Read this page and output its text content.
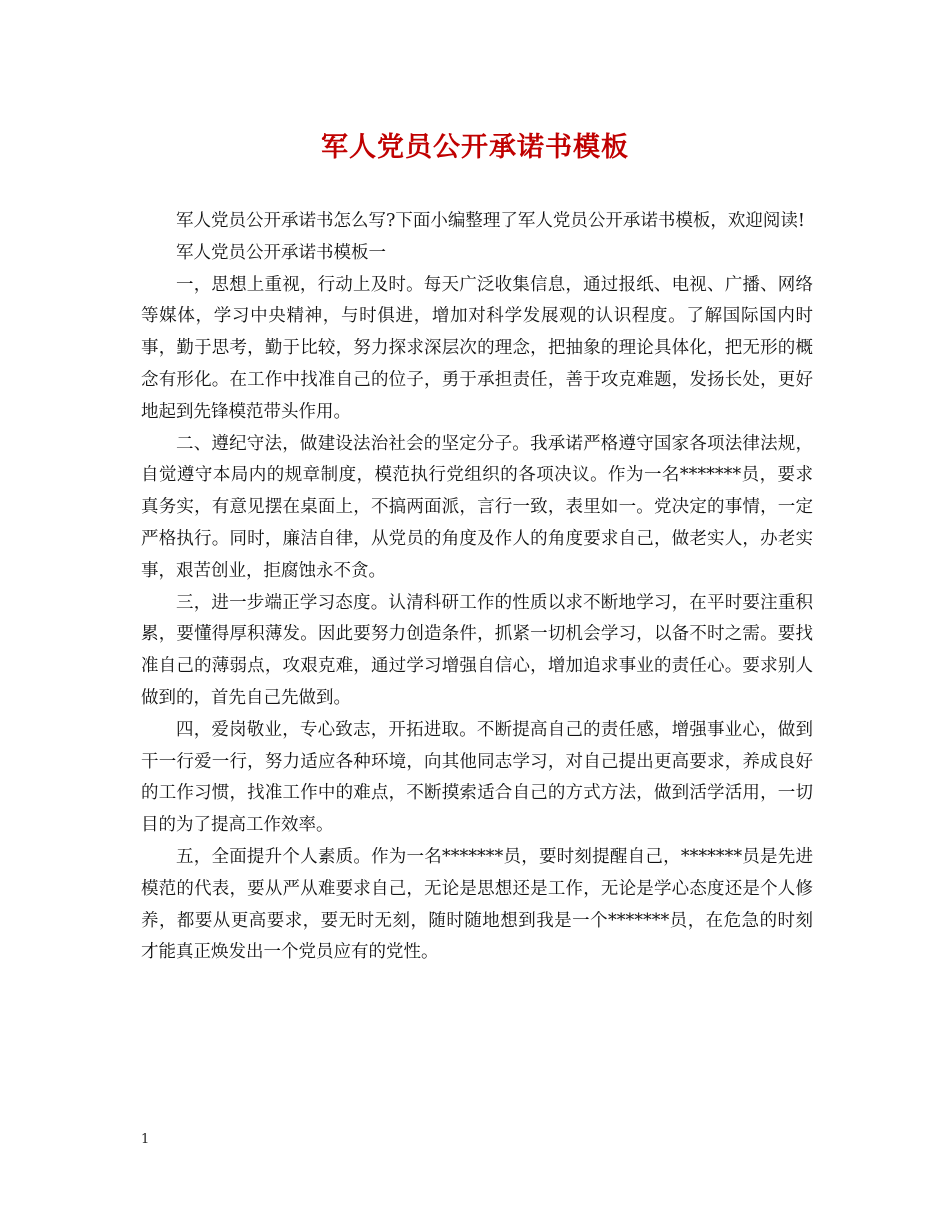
军人党员公开承诺书模板

军人党员公开承诺书怎么写?下面小编整理了军人党员公开承诺书模板，欢迎阅读!

军人党员公开承诺书模板一

一，思想上重视，行动上及时。每天广泛收集信息，通过报纸、电视、广播、网络等媒体，学习中央精神，与时俱进，增加对科学发展观的认识程度。了解国际国内时事，勤于思考，勤于比较，努力探求深层次的理念，把抽象的理论具体化，把无形的概念有形化。在工作中找准自己的位子，勇于承担责任，善于攻克难题，发扬长处，更好地起到先锋模范带头作用。

二、遵纪守法，做建设法治社会的坚定分子。我承诺严格遵守国家各项法律法规，自觉遵守本局内的规章制度，模范执行党组织的各项决议。作为一名*******员，要求真务实，有意见摆在桌面上，不搞两面派，言行一致，表里如一。党决定的事情，一定严格执行。同时，廉洁自律，从党员的角度及作人的角度要求自己，做老实人，办老实事，艰苦创业，拒腐蚀永不贪。

三，进一步端正学习态度。认清科研工作的性质以求不断地学习，在平时要注重积累，要懂得厚积薄发。因此要努力创造条件，抓紧一切机会学习，以备不时之需。要找准自己的薄弱点，攻艰克难，通过学习增强自信心，增加追求事业的责任心。要求别人做到的，首先自己先做到。

四，爱岗敬业，专心致志，开拓进取。不断提高自己的责任感，增强事业心，做到干一行爱一行，努力适应各种环境，向其他同志学习，对自己提出更高要求，养成良好的工作习惯，找准工作中的难点，不断摸索适合自己的方式方法，做到活学活用，一切目的为了提高工作效率。

五，全面提升个人素质。作为一名*******员，要时刻提醒自己，*******员是先进模范的代表，要从严从难要求自己，无论是思想还是工作，无论是学心态度还是个人修养，都要从更高要求，要无时无刻，随时随地想到我是一个*******员，在危急的时刻才能真正焕发出一个党员应有的党性。

1
